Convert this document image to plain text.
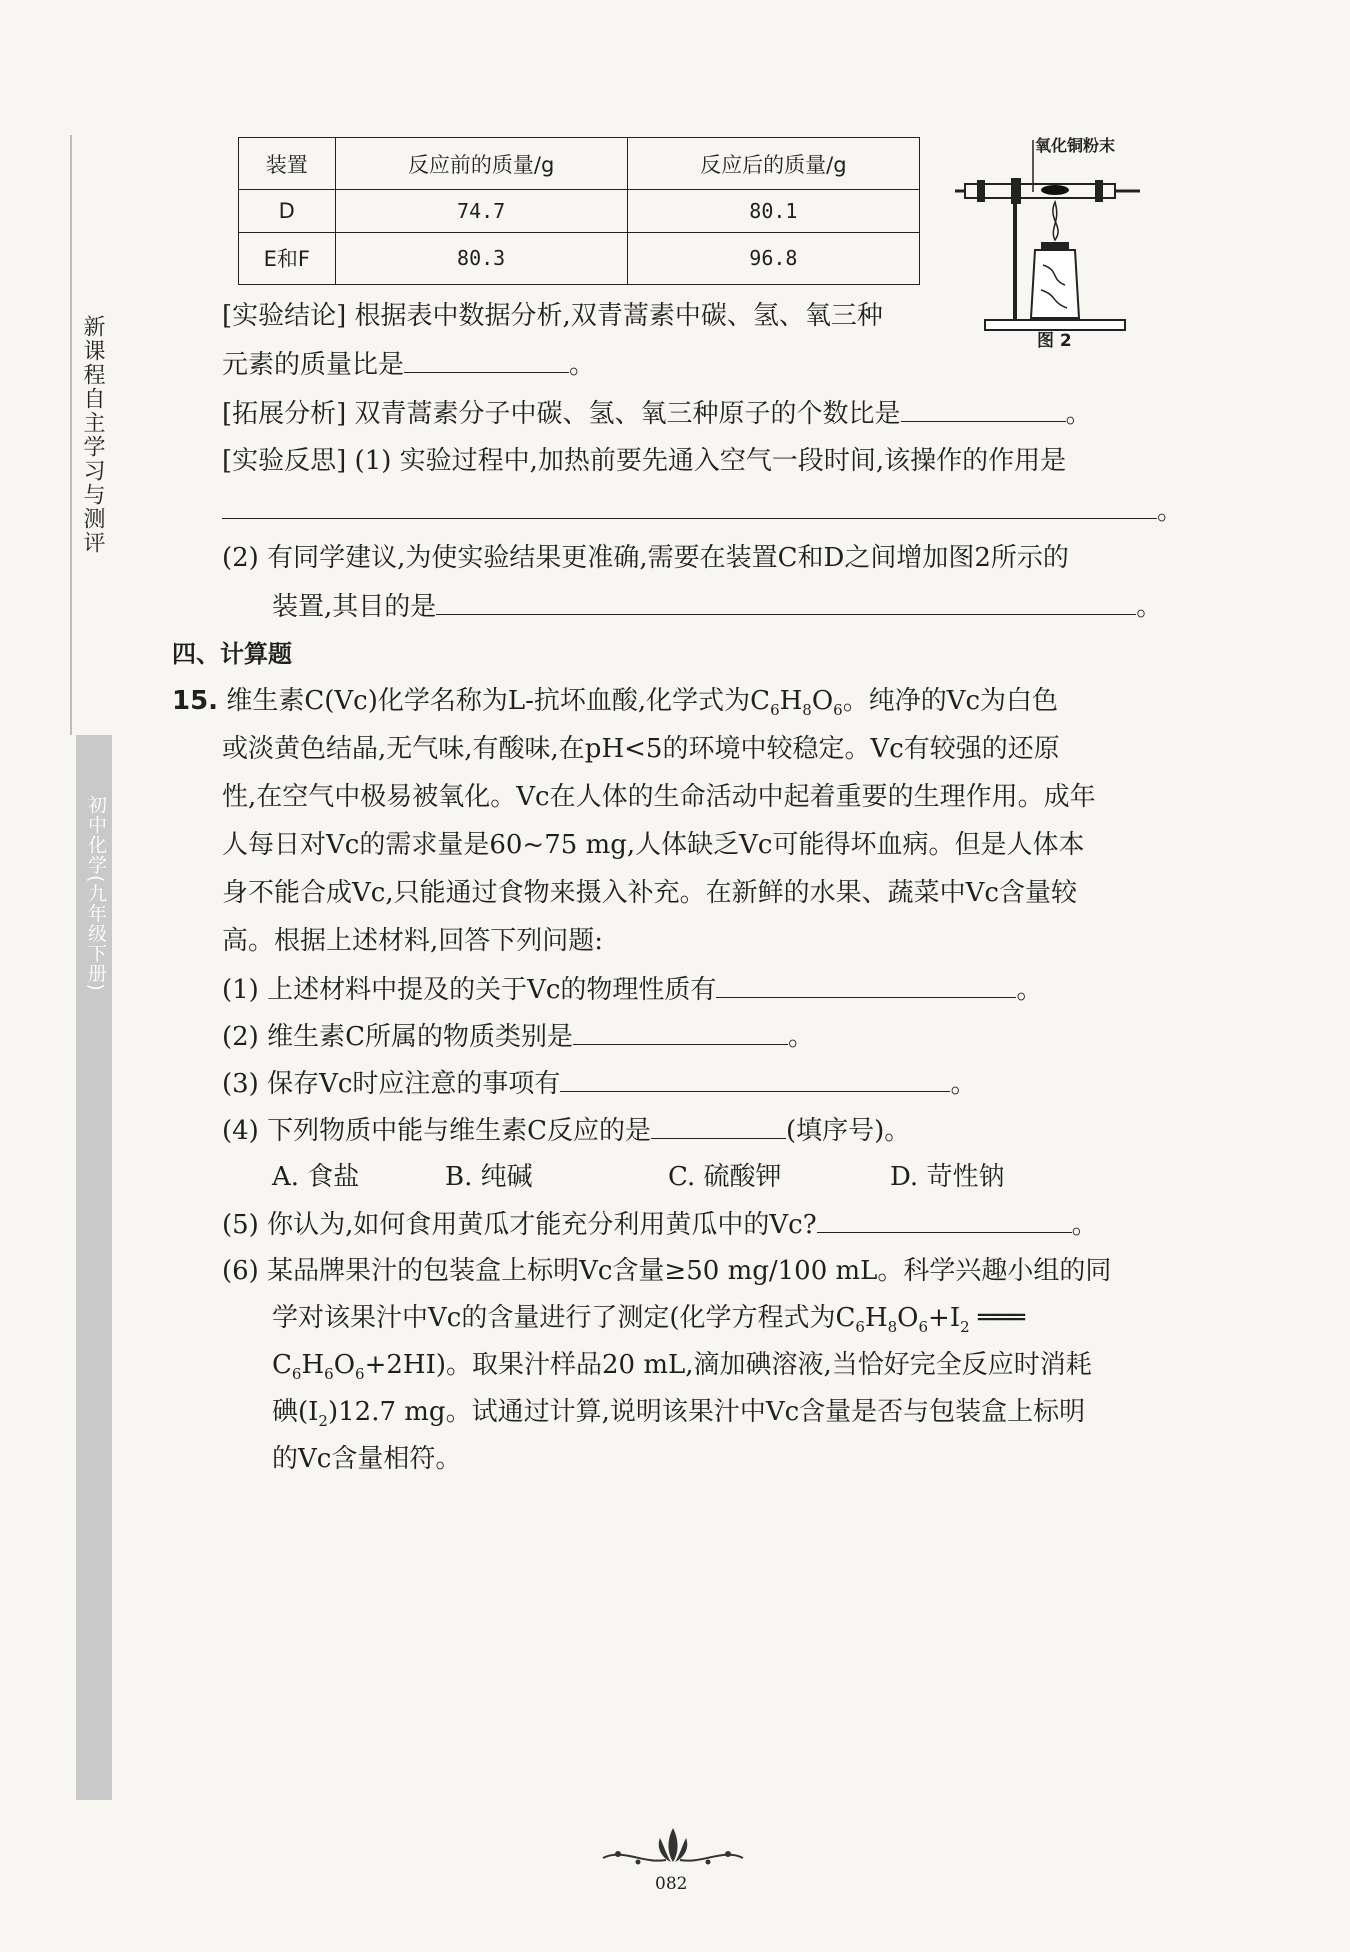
新课程自主学习与测评
初中化学(九年级下册)
装置	反应前的质量/g	反应后的质量/g
D	74.7	80.1
E和F	80.3	96.8
氧化铜粉末
图 2
[实验结论] 根据表中数据分析,双青蒿素中碳、氢、氧三种
元素的质量比是	。
[拓展分析] 双青蒿素分子中碳、氢、氧三种原子的个数比是	。
[实验反思] (1) 实验过程中,加热前要先通入空气一段时间,该操作的作用是
。
(2) 有同学建议,为使实验结果更准确,需要在装置C和D之间增加图2所示的
装置,其目的是	。
四、计算题
15. 维生素C(Vc)化学名称为L-抗坏血酸,化学式为$C_6H_8O_6$。纯净的Vc为白色
或淡黄色结晶,无气味,有酸味,在pH<5的环境中较稳定。Vc有较强的还原
性,在空气中极易被氧化。Vc在人体的生命活动中起着重要的生理作用。成年
人每日对Vc的需求量是60~75 mg,人体缺乏Vc可能得坏血病。但是人体本
身不能合成Vc,只能通过食物来摄入补充。在新鲜的水果、蔬菜中Vc含量较
高。根据上述材料,回答下列问题:
(1) 上述材料中提及的关于Vc的物理性质有	。
(2) 维生素C所属的物质类别是	。
(3) 保存Vc时应注意的事项有	。
(4) 下列物质中能与维生素C反应的是	(填序号)。
A. 食盐	B. 纯碱	C. 硫酸钾	D. 苛性钠
(5) 你认为,如何食用黄瓜才能充分利用黄瓜中的Vc?	。
(6) 某品牌果汁的包装盒上标明Vc含量≥50 mg/100 mL。科学兴趣小组的同
学对该果汁中Vc的含量进行了测定(化学方程式为$C_6H_8O_6+I_2$ ═══
$C_6H_6O_6+2HI$)。取果汁样品20 mL,滴加碘溶液,当恰好完全反应时消耗
碘$(I_2)12.7$ mg。试通过计算,说明该果汁中Vc含量是否与包装盒上标明
的Vc含量相符。
082
